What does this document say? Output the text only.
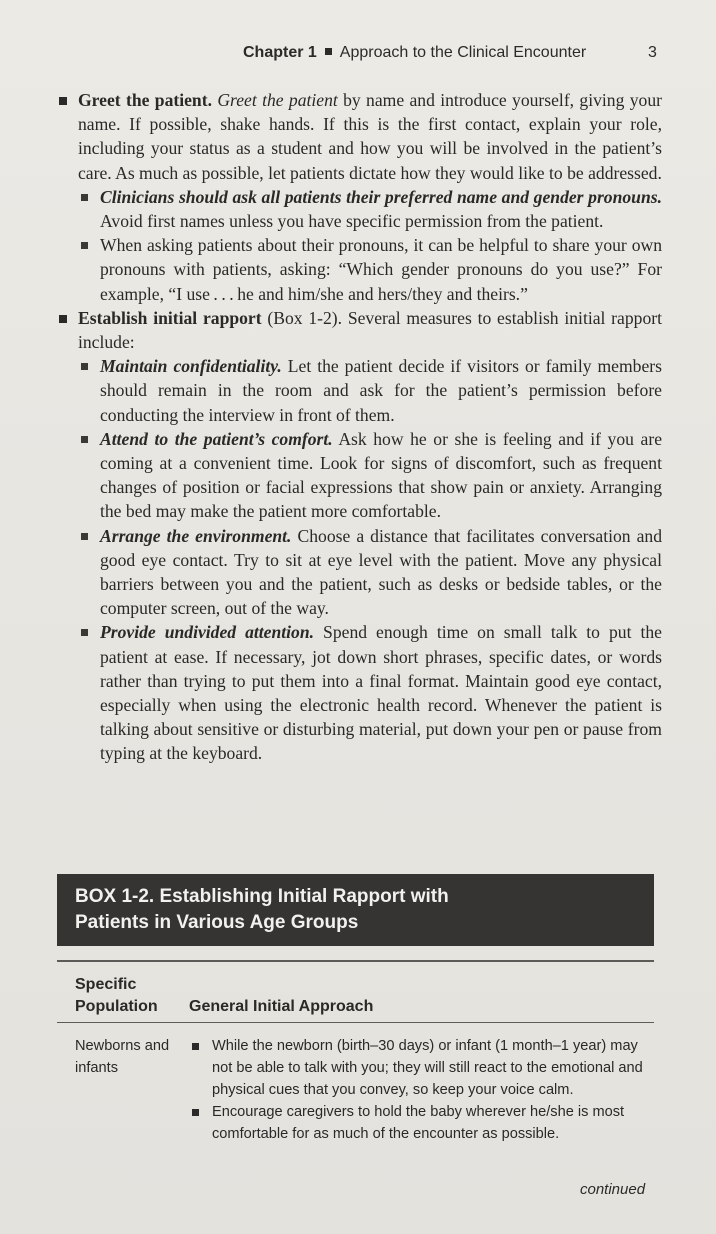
Chapter 1 Approach to the Clinical Encounter	3

Greet the patient. Greet the patient by name and introduce yourself, giving your name. If possible, shake hands. If this is the first contact, explain your role, including your status as a student and how you will be involved in the patient’s care. As much as possible, let patients dictate how they would like to be addressed.

Clinicians should ask all patients their preferred name and gender pronouns. Avoid first names unless you have specific permission from the patient.

When asking patients about their pronouns, it can be helpful to share your own pronouns with patients, asking: “Which gender pronouns do you use?” For example, “I use . . . he and him/she and hers/they and theirs.”

Establish initial rapport (Box 1-2). Several measures to establish initial rapport include:

Maintain confidentiality. Let the patient decide if visitors or family members should remain in the room and ask for the patient’s permission before conducting the interview in front of them.

Attend to the patient’s comfort. Ask how he or she is feeling and if you are coming at a convenient time. Look for signs of discomfort, such as frequent changes of position or facial expressions that show pain or anxiety. Arranging the bed may make the patient more comfortable.

Arrange the environment. Choose a distance that facilitates conversation and good eye contact. Try to sit at eye level with the patient. Move any physical barriers between you and the patient, such as desks or bedside tables, or the computer screen, out of the way.

Provide undivided attention. Spend enough time on small talk to put the patient at ease. If necessary, jot down short phrases, specific dates, or words rather than trying to put them into a final format. Maintain good eye contact, especially when using the electronic health record. Whenever the patient is talking about sensitive or disturbing material, put down your pen or pause from typing at the keyboard.

BOX 1-2. Establishing Initial Rapport with
Patients in Various Age Groups
Specific
Population	General Initial Approach
Newborns and infants
While the newborn (birth–30 days) or infant (1 month–1 year) may not be able to talk with you; they will still react to the emotional and physical cues that you convey, so keep your voice calm.
Encourage caregivers to hold the baby wherever he/she is most comfortable for as much of the encounter as possible.
continued
